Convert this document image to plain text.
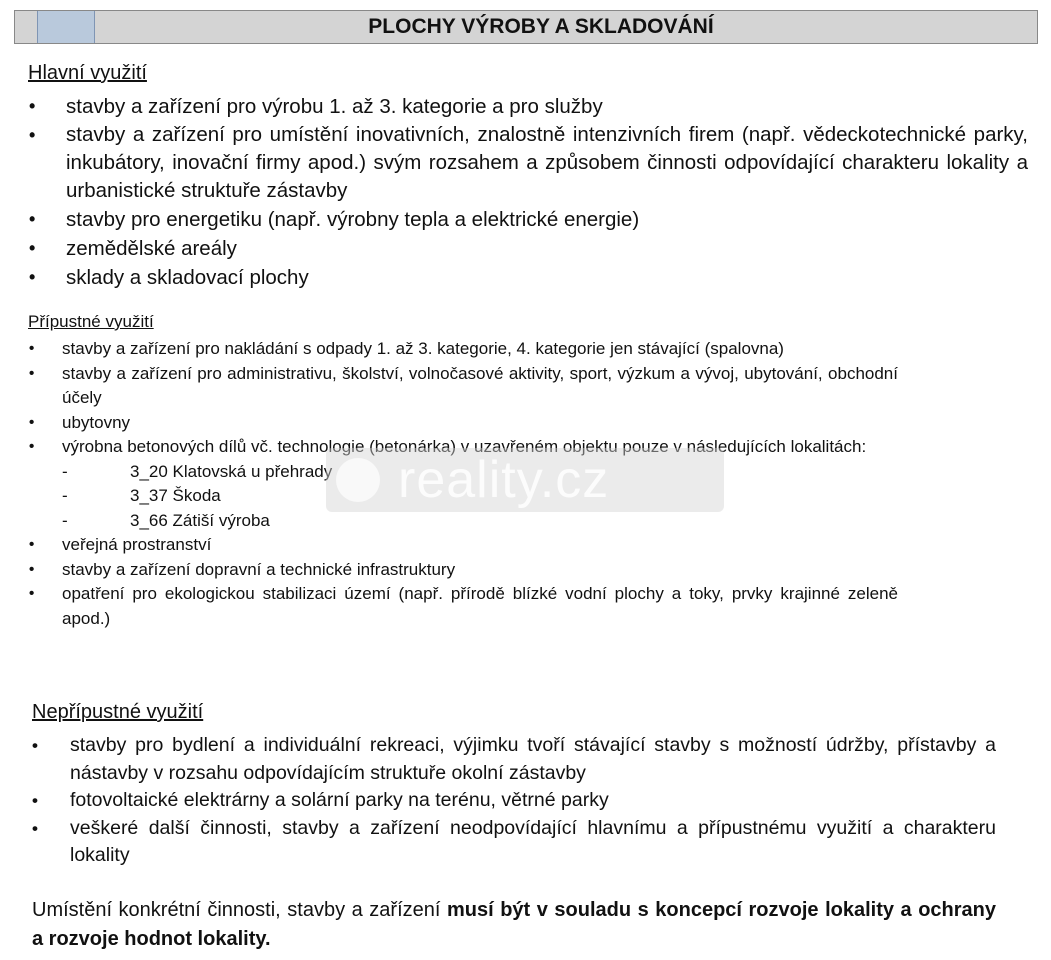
PLOCHY VÝROBY A SKLADOVÁNÍ
Hlavní využití
• stavby a zařízení pro výrobu 1. až 3. kategorie a pro služby
• stavby a zařízení pro umístění inovativních, znalostně intenzivních firem (např. vědeckotechnické parky, inkubátory, inovační firmy apod.) svým rozsahem a způsobem činnosti odpovídající charakteru lokality a urbanistické struktuře zástavby
• stavby pro energetiku (např. výrobny tepla a elektrické energie)
• zemědělské areály
• sklady a skladovací plochy
Přípustné využití
• stavby a zařízení pro nakládání s odpady 1. až 3. kategorie, 4. kategorie jen stávající (spalovna)
• stavby a zařízení pro administrativu, školství, volnočasové aktivity, sport, výzkum a vývoj, ubytování, obchodní účely
• ubytovny
• výrobna betonových dílů vč. technologie (betonárka) v uzavřeném objektu pouze v následujících lokalitách:
-	3_20 Klatovská u přehrady
-	3_37 Škoda
-	3_66 Zátiší výroba
• veřejná prostranství
• stavby a zařízení dopravní a technické infrastruktury
• opatření pro ekologickou stabilizaci území (např. přírodě blízké vodní plochy a toky, prvky krajinné zeleně apod.)
Nepřípustné využití
• stavby pro bydlení a individuální rekreaci, výjimku tvoří stávající stavby s možností údržby, přístavby a nástavby v rozsahu odpovídajícím struktuře okolní zástavby
• fotovoltaické elektrárny a solární parky na terénu, větrné parky
• veškeré další činnosti, stavby a zařízení neodpovídající hlavnímu a přípustnému využití a charakteru lokality

Umístění konkrétní činnosti, stavby a zařízení musí být v souladu s koncepcí rozvoje lokality a ochrany a rozvoje hodnot lokality.

reality.cz
